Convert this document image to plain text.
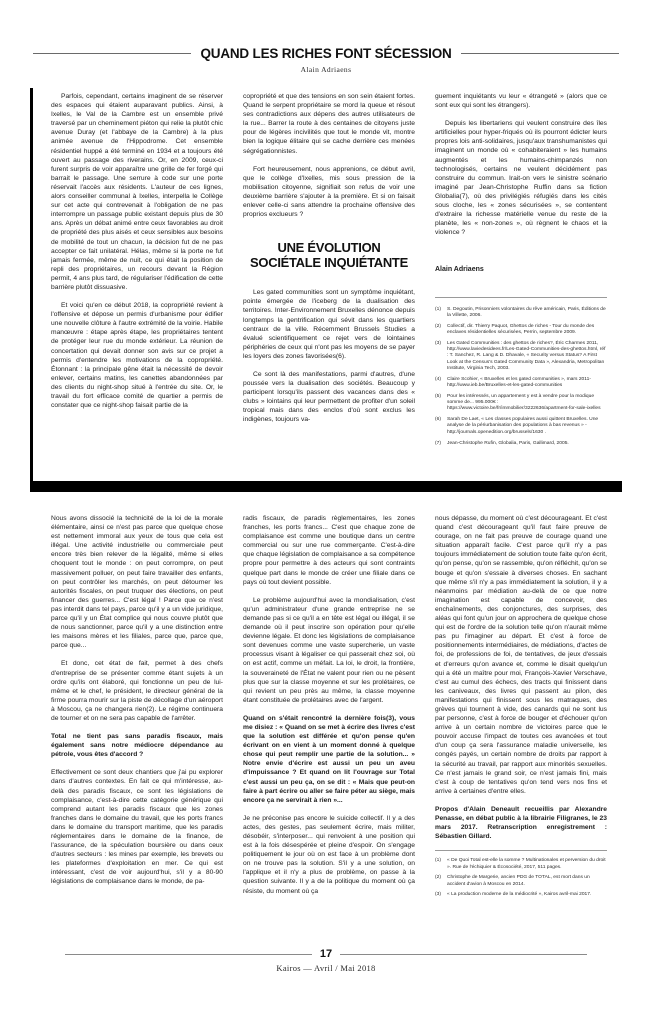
QUAND LES RICHES FONT SÉCESSION
Alain Adriaens

Parfois, cependant, certains imaginent de se réserver des espaces qui étaient auparavant publics. Ainsi, à Ixelles, le Val de la Cambre est un ensemble privé traversé par un cheminement piéton qui relie la plutôt chic avenue Duray (et l'abbaye de la Cambre) à la plus animée avenue de l'Hippodrome. Cet ensemble résidentiel huppé a été terminé en 1934 et a toujours été ouvert au passage des riverains. Or, en 2009, ceux-ci furent surpris de voir apparaître une grille de fer forgé qui barrait le passage. Une serrure à code sur une porte réservait l'accès aux résidents. L'auteur de ces lignes, alors conseiller communal à Ixelles, interpella le Collège sur cet acte qui contrevenait à l'obligation de ne pas interrompre un passage public existant depuis plus de 30 ans. Après un débat animé entre ceux favorables au droit de propriété des plus aisés et ceux sensibles aux besoins de mobilité de tout un chacun, la décision fut de ne pas accepter ce fait unilatéral. Hélas, même si la porte ne fut jamais fermée, même de nuit, ce qui était la position de repli des propriétaires, un recours devant la Région permit, 4 ans plus tard, de régulariser l'édification de cette barrière plutôt dissuasive.

Et voici qu'en ce début 2018, la copropriété revient à l'offensive et dépose un permis d'urbanisme pour édifier une nouvelle clôture à l'autre extrémité de la voirie. Habile manœuvre : étape après étape, les propriétaires tentent de protéger leur rue du monde extérieur. La réunion de concertation qui devait donner son avis sur ce projet a permis d'entendre les motivations de la copropriété. Étonnant : la principale gêne était la nécessité de devoir enlever, certains matins, les canettes abandonnées par des clients du night-shop situé à l'entrée du site. Or, le travail du fort efficace comité de quartier a permis de constater que ce night-shop faisait partie de la

copropriété et que des tensions en son sein étaient fortes. Quand le serpent propriétaire se mord la queue et résout ses contradictions aux dépens des autres utilisateurs de la rue... Barrer la route à des centaines de citoyens juste pour de légères incivilités que tout le monde vit, montre bien la logique élitaire qui se cache derrière ces menées ségrégationnistes.

Fort heureusement, nous apprenions, ce début avril, que le collège d'Ixelles, mis sous pression de la mobilisation citoyenne, signifiait son refus de voir une deuxième barrière s'ajouter à la première. Et si on faisait enlever celle-ci sans attendre la prochaine offensive des proprios exclueurs ?

UNE ÉVOLUTION
SOCIÉTALE INQUIÉTANTE

Les gated communities sont un symptôme inquiétant, pointe émergée de l'iceberg de la dualisation des territoires. Inter-Environnement Bruxelles dénonce depuis longtemps la gentrification qui sévit dans les quartiers centraux de la ville. Récemment Brussels Studies a évalué scientifiquement ce rejet vers de lointaines périphéries de ceux qui n'ont pas les moyens de se payer les loyers des zones favorisées(6).

Ce sont là des manifestations, parmi d'autres, d'une poussée vers la dualisation des sociétés. Beaucoup y participent lorsqu'ils passent des vacances dans des « clubs » lointains qui leur permettent de profiter d'un soleil tropical mais dans des enclos d'où sont exclus les indigènes, toujours va-

guement inquiétants vu leur « étrangeté » (alors que ce sont eux qui sont les étrangers).

Depuis les libertariens qui veulent construire des îles artificielles pour hyper-friqués où ils pourront édicter leurs propres lois anti-solidaires, jusqu'aux transhumanistes qui imaginent un monde où « cohabiteraient » les humains augmentés et les humains-chimpanzés non technologisés, certains ne veulent décidément pas construire du commun. Irait-on vers le sinistre scénario imaginé par Jean-Christophe Ruffin dans sa fiction Globalia(7), où des privilégiés réfugiés dans les cités sous cloche, les « zones sécurisées », se contentent d'extraire la richesse matérielle venue du reste de la planète, les « non-zones », où règnent le chaos et la violence ?

Alain Adriaens

(1)	S. Degoutin, Prisonniers volontaires du rêve américain, Paris, Éditions de la Villette, 2006.
(2)	Collectif, dir. Thierry Paquot, Ghettos de riches - Tour du monde des enclaves résidentielles sécurisées, Perrin, septembre 2009.
(3)	Les Gated Communities : des ghettos de riches?, Éric Charmes 2011, http://www.laviedesidees.fr/Les-Gated-Communities-des-ghettos.html, réf : T. Sanchez, R. Lang & D. Dhavale, « Security versus Status? A First Look at the Census's Gated Community Data », Alexandria, Metropolitan Institute, Virginia Tech, 2003.
(4)	Claire Scohier, « Bruxelles et les gated communities », mars 2011- http://www.ieb.be/Bruxelles-et-les-gated-communities
(5)	Pour les intéressés, un appartement y est à vendre pour la modique somme de... 995.000€ : https://www.victoire.be/fr/immobilier/3222636/apartment-for-sale-ixelles
(6)	Sarah De Laet, « Les classes populaires aussi quittent Bruxelles. Une analyse de la périurbanisation des populations à bas revenus » - http://journals.openedition.org/brussels/1630 .
(7)	Jean-Christophe Rufin, Globalia, Paris, Gallimard, 2005.

Nous avons dissocié la technicité de la loi de la morale élémentaire, ainsi ce n'est pas parce que quelque chose est nettement immoral aux yeux de tous que cela est illégal. Une activité industrielle ou commerciale peut encore très bien relever de la légalité, même si elles choquent tout le monde : on peut corrompre, on peut massivement polluer, on peut faire travailler des enfants, on peut contrôler les marchés, on peut détourner les autorités fiscales, on peut truquer des élections, on peut financer des guerres... C'est légal ! Parce que ce n'est pas interdit dans tel pays, parce qu'il y a un vide juridique, parce qu'il y un État complice qui nous couvre plutôt que de nous sanctionner, parce qu'il y a une distinction entre les maisons mères et les filiales, parce que, parce que, parce que...

Et donc, cet état de fait, permet à des chefs d'entreprise de se présenter comme étant sujets à un ordre qu'ils ont élaboré, qui fonctionne un peu de lui-même et le chef, le président, le directeur général de la firme pourra mourir sur la piste de décollage d'un aéroport à Moscou, ça ne changera rien(2). Le régime continuera de tourner et on ne sera pas capable de l'arrêter.

Total ne tient pas sans paradis fiscaux, mais également sans notre médiocre dépendance au pétrole, vous êtes d'accord ?

Effectivement ce sont deux chantiers que j'ai pu explorer dans d'autres contextes. En fait ce qui m'intéresse, au-delà des paradis fiscaux, ce sont les législations de complaisance, c'est-à-dire cette catégorie générique qui comprend autant les paradis fiscaux que les zones franches dans le domaine du travail, que les ports francs dans le domaine du transport maritime, que les paradis réglementaires dans le domaine de la finance, de l'assurance, de la spéculation boursière ou dans ceux d'autres secteurs : les mines par exemple, les brevets ou les plateformes d'exploitation en mer. Ce qui est intéressant, c'est de voir aujourd'hui, s'il y a 80-90 législations de complaisance dans le monde, de pa-

radis fiscaux, de paradis règlementaires, les zones franches, les ports francs... C'est que chaque zone de complaisance est comme une boutique dans un centre commercial ou sur une rue commerçante. C'est-à-dire que chaque législation de complaisance a sa compétence propre pour permettre à des acteurs qui sont contraints quelque part dans le monde de créer une filiale dans ce pays où tout devient possible.

Le problème aujourd'hui avec la mondialisation, c'est qu'un administrateur d'une grande entreprise ne se demande pas si ce qu'il a en tête est légal ou illégal, il se demande où il peut inscrire son opération pour qu'elle devienne légale. Et donc les législations de complaisance sont devenues comme une vaste supercherie, un vaste processus visant à légaliser ce qui passerait chez soi, où on est actif, comme un méfait. La loi, le droit, la frontière, la souveraineté de l'État ne valent pour rien ou ne pèsent plus que sur la classe moyenne et sur les prolétaires, ce qui revient un peu près au même, la classe moyenne étant constituée de prolétaires avec de l'argent.

Quand on s'était rencontré la dernière fois(3), vous me disiez : « Quand on se met à écrire des livres c'est que la solution est différée et qu'on pense qu'en écrivant on en vient à un moment donné à quelque chose qui peut remplir une partie de la solution... » Notre envie d'écrire est aussi un peu un aveu d'impuissance ? Et quand on lit l'ouvrage sur Total c'est aussi un peu ça, on se dit : « Mais que peut-on faire à part écrire ou aller se faire péter au siège, mais encore ça ne servirait à rien »...

Je ne préconise pas encore le suicide collectif. Il y a des actes, des gestes, pas seulement écrire, mais militer, désobéir, s'interposer... qui renvoient à une position qui est à la fois désespérée et pleine d'espoir. On s'engage politiquement le jour où on est face à un problème dont on ne trouve pas la solution. S'il y a une solution, on l'applique et il n'y a plus de problème, on passe à la question suivante. Il y a de la politique du moment où ça résiste, du moment où ça

nous dépasse, du moment où c'est décourageant. Et c'est quand c'est décourageant qu'il faut faire preuve de courage, on ne fait pas preuve de courage quand une situation apparaît facile. C'est parce qu'il n'y a pas toujours immédiatement de solution toute faite qu'on écrit, qu'on pense, qu'on se rassemble, qu'on réfléchit, qu'on se bouge et qu'on s'essaie à diverses choses. En sachant que même s'il n'y a pas immédiatement la solution, il y a néanmoins par médiation au-delà de ce que notre imagination est capable de concevoir, des enchaînements, des conjonctures, des surprises, des aléas qui font qu'un jour on approchera de quelque chose qui est de l'ordre de la solution telle qu'on n'aurait même pas pu l'imaginer au départ. Et c'est à force de positionnements intermédiaires, de médiations, d'actes de foi, de professions de foi, de tentatives, de jeux d'essais et d'erreurs qu'on avance et, comme le disait quelqu'un qui a été un maître pour moi, François-Xavier Verschave, c'est au cumul des échecs, des tracts qui finissent dans les caniveaux, des livres qui passent au pilon, des manifestations qui finissent sous les matraques, des grèves qui tournent à vide, des canards qui ne sont lus par personne, c'est à force de bouger et d'échouer qu'on arrive à un certain nombre de victoires parce que le pouvoir accuse l'impact de toutes ces avancées et tout d'un coup ça sera l'assurance maladie universelle, les congés payés, un certain nombre de droits par rapport à la sécurité au travail, par rapport aux minorités sexuelles. Ce n'est jamais le grand soir, ce n'est jamais fini, mais c'est à coup de tentatives qu'on tend vers nos fins et arrive à certaines d'entre elles.

Propos d'Alain Deneault recueillis par Alexandre Penasse, en débat public à la librairie Filigranes, le 23 mars 2017. Retranscription enregistrement : Sébastien Gillard.

(1)	« De Quoi Total est-elle la somme ? Multinationales et perversion du droit ». Rue de l'échiquier & Écosociété, 2017, 511 pages.
(2)	Christophe de Margerie, ancien PDG de TOTAL, est mort dans un accident d'avion à Moscou en 2014.
(3)	« La production moderne de la médiocrité », Kairos avril-mai 2017.
17
Kairos — Avril / Mai 2018
